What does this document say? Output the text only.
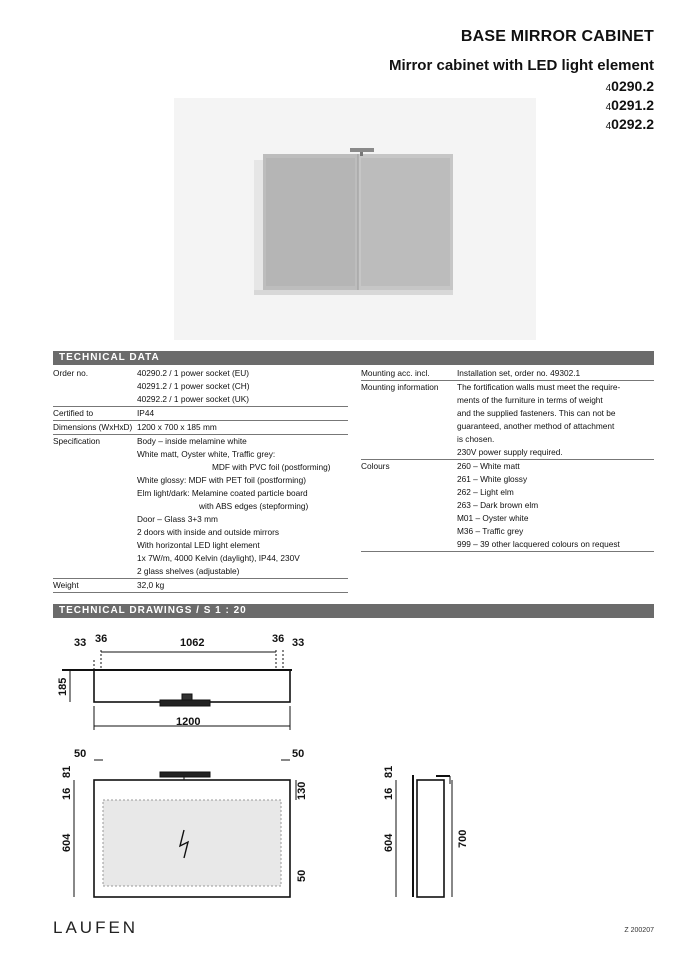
BASE MIRROR CABINET
Mirror cabinet with LED light element
40290.2
40291.2
40292.2
TECHNICAL DATA
Order no.	40290.2 / 1 power socket (EU)
40291.2 / 1 power socket (CH)
40292.2 / 1 power socket (UK)
Certified to	IP44
Dimensions (WxHxD) 1200 x 700 x 185 mm
Specification	Body – inside melamine white
White matt, Oyster white, Traffic grey:
MDF with PVC foil (postforming)
White glossy: MDF with PET foil (postforming)
Elm light/dark: Melamine coated particle board
with ABS edges (stepforming)
Door – Glass 3+3 mm
2 doors with inside and outside mirrors
With horizontal LED light element
1x 7W/m, 4000 Kelvin (daylight), IP44, 230V
2 glass shelves (adjustable)
Weight	32,0 kg
Mounting acc. incl.	Installation set, order no. 49302.1
Mounting information	The fortification walls must meet the require-
ments of the furniture in terms of weight
and the supplied fasteners. This can not be
guaranteed, another method of attachment
is chosen.
230V power supply required.
Colours	260 – White matt
261 – White glossy
262 – Light elm
263 – Dark brown elm
M01 – Oyster white
M36 – Traffic grey
999 – 39 other lacquered colours on request
TECHNICAL DRAWINGS / S 1 : 20
33 36	1062	36 33
185
1200
50	50
81
16	130
604
50
81
16
604	700
LAUFEN	Z 200207
